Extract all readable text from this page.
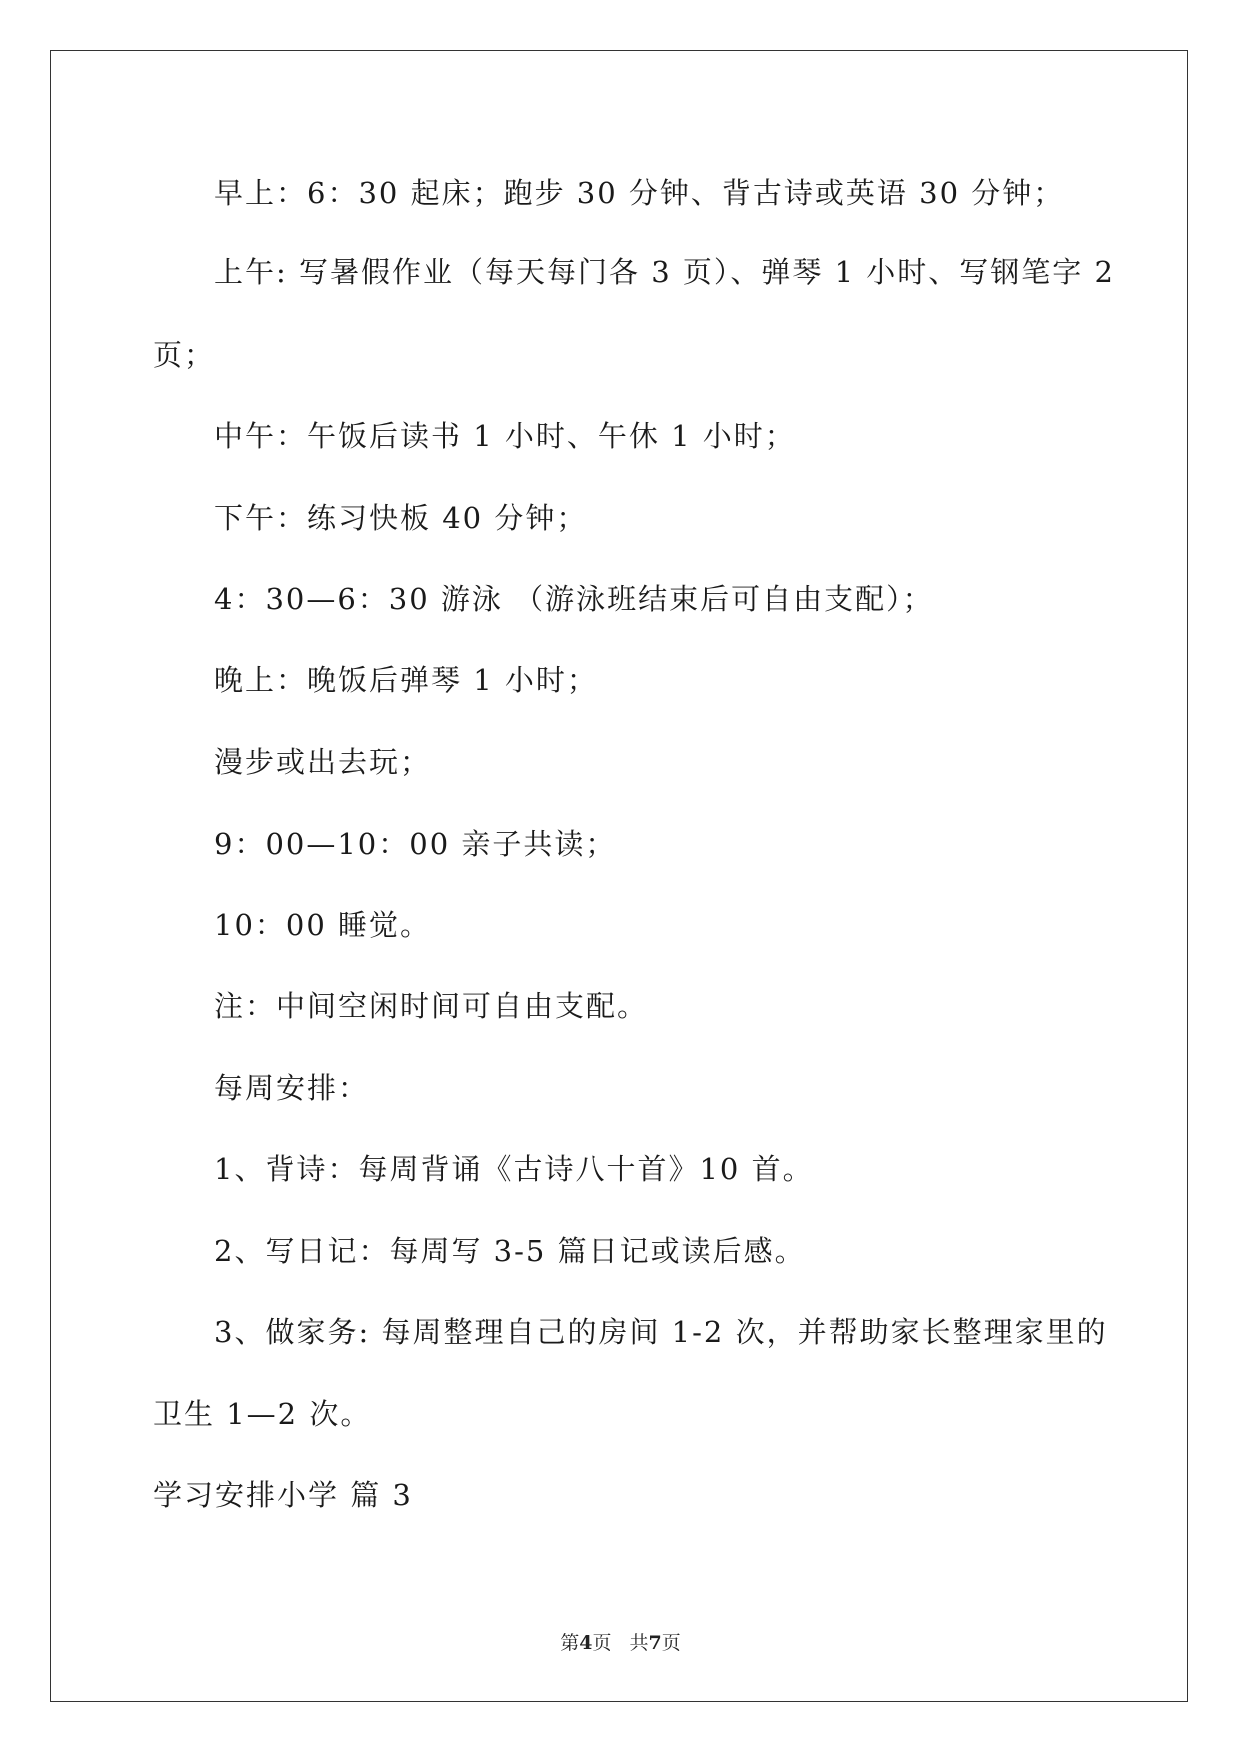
早上：6：30 起床；跑步 30 分钟、背古诗或英语 30 分钟；
上午: 写暑假作业（每天每门各 3 页）、弹琴 1 小时、写钢笔字 2
页；
中午：午饭后读书 1 小时、午休 1 小时；
下午：练习快板 40 分钟；
4：30—6：30 游泳 （游泳班结束后可自由支配）；
晚上：晚饭后弹琴 1 小时；
漫步或出去玩；
9：00—10：00 亲子共读；
10：00 睡觉。
注：中间空闲时间可自由支配。
每周安排：
1、背诗：每周背诵《古诗八十首》10 首。
2、写日记：每周写 3-5 篇日记或读后感。
3、做家务: 每周整理自己的房间 1-2 次，并帮助家长整理家里的
卫生 1—2 次。
学习安排小学 篇 3
第4页 共7页
